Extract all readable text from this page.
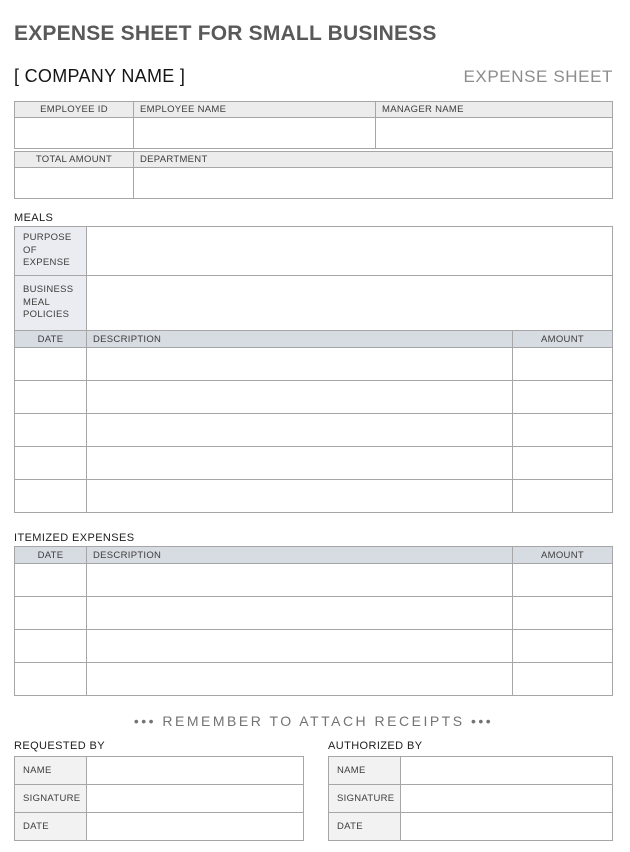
EXPENSE SHEET FOR SMALL BUSINESS
[ COMPANY NAME ]	EXPENSE SHEET
EMPLOYEE ID	EMPLOYEE NAME	MANAGER NAME

TOTAL AMOUNT	DEPARTMENT

MEALS
PURPOSE OF EXPENSE		
BUSINESS MEAL POLICIES		
DATE	DESCRIPTION	AMOUNT

ITEMIZED EXPENSES
DATE	DESCRIPTION	AMOUNT

••• REMEMBER TO ATTACH RECEIPTS •••
REQUESTED BY
NAME	
SIGNATURE	
DATE	
AUTHORIZED BY
NAME	
SIGNATURE	
DATE	
